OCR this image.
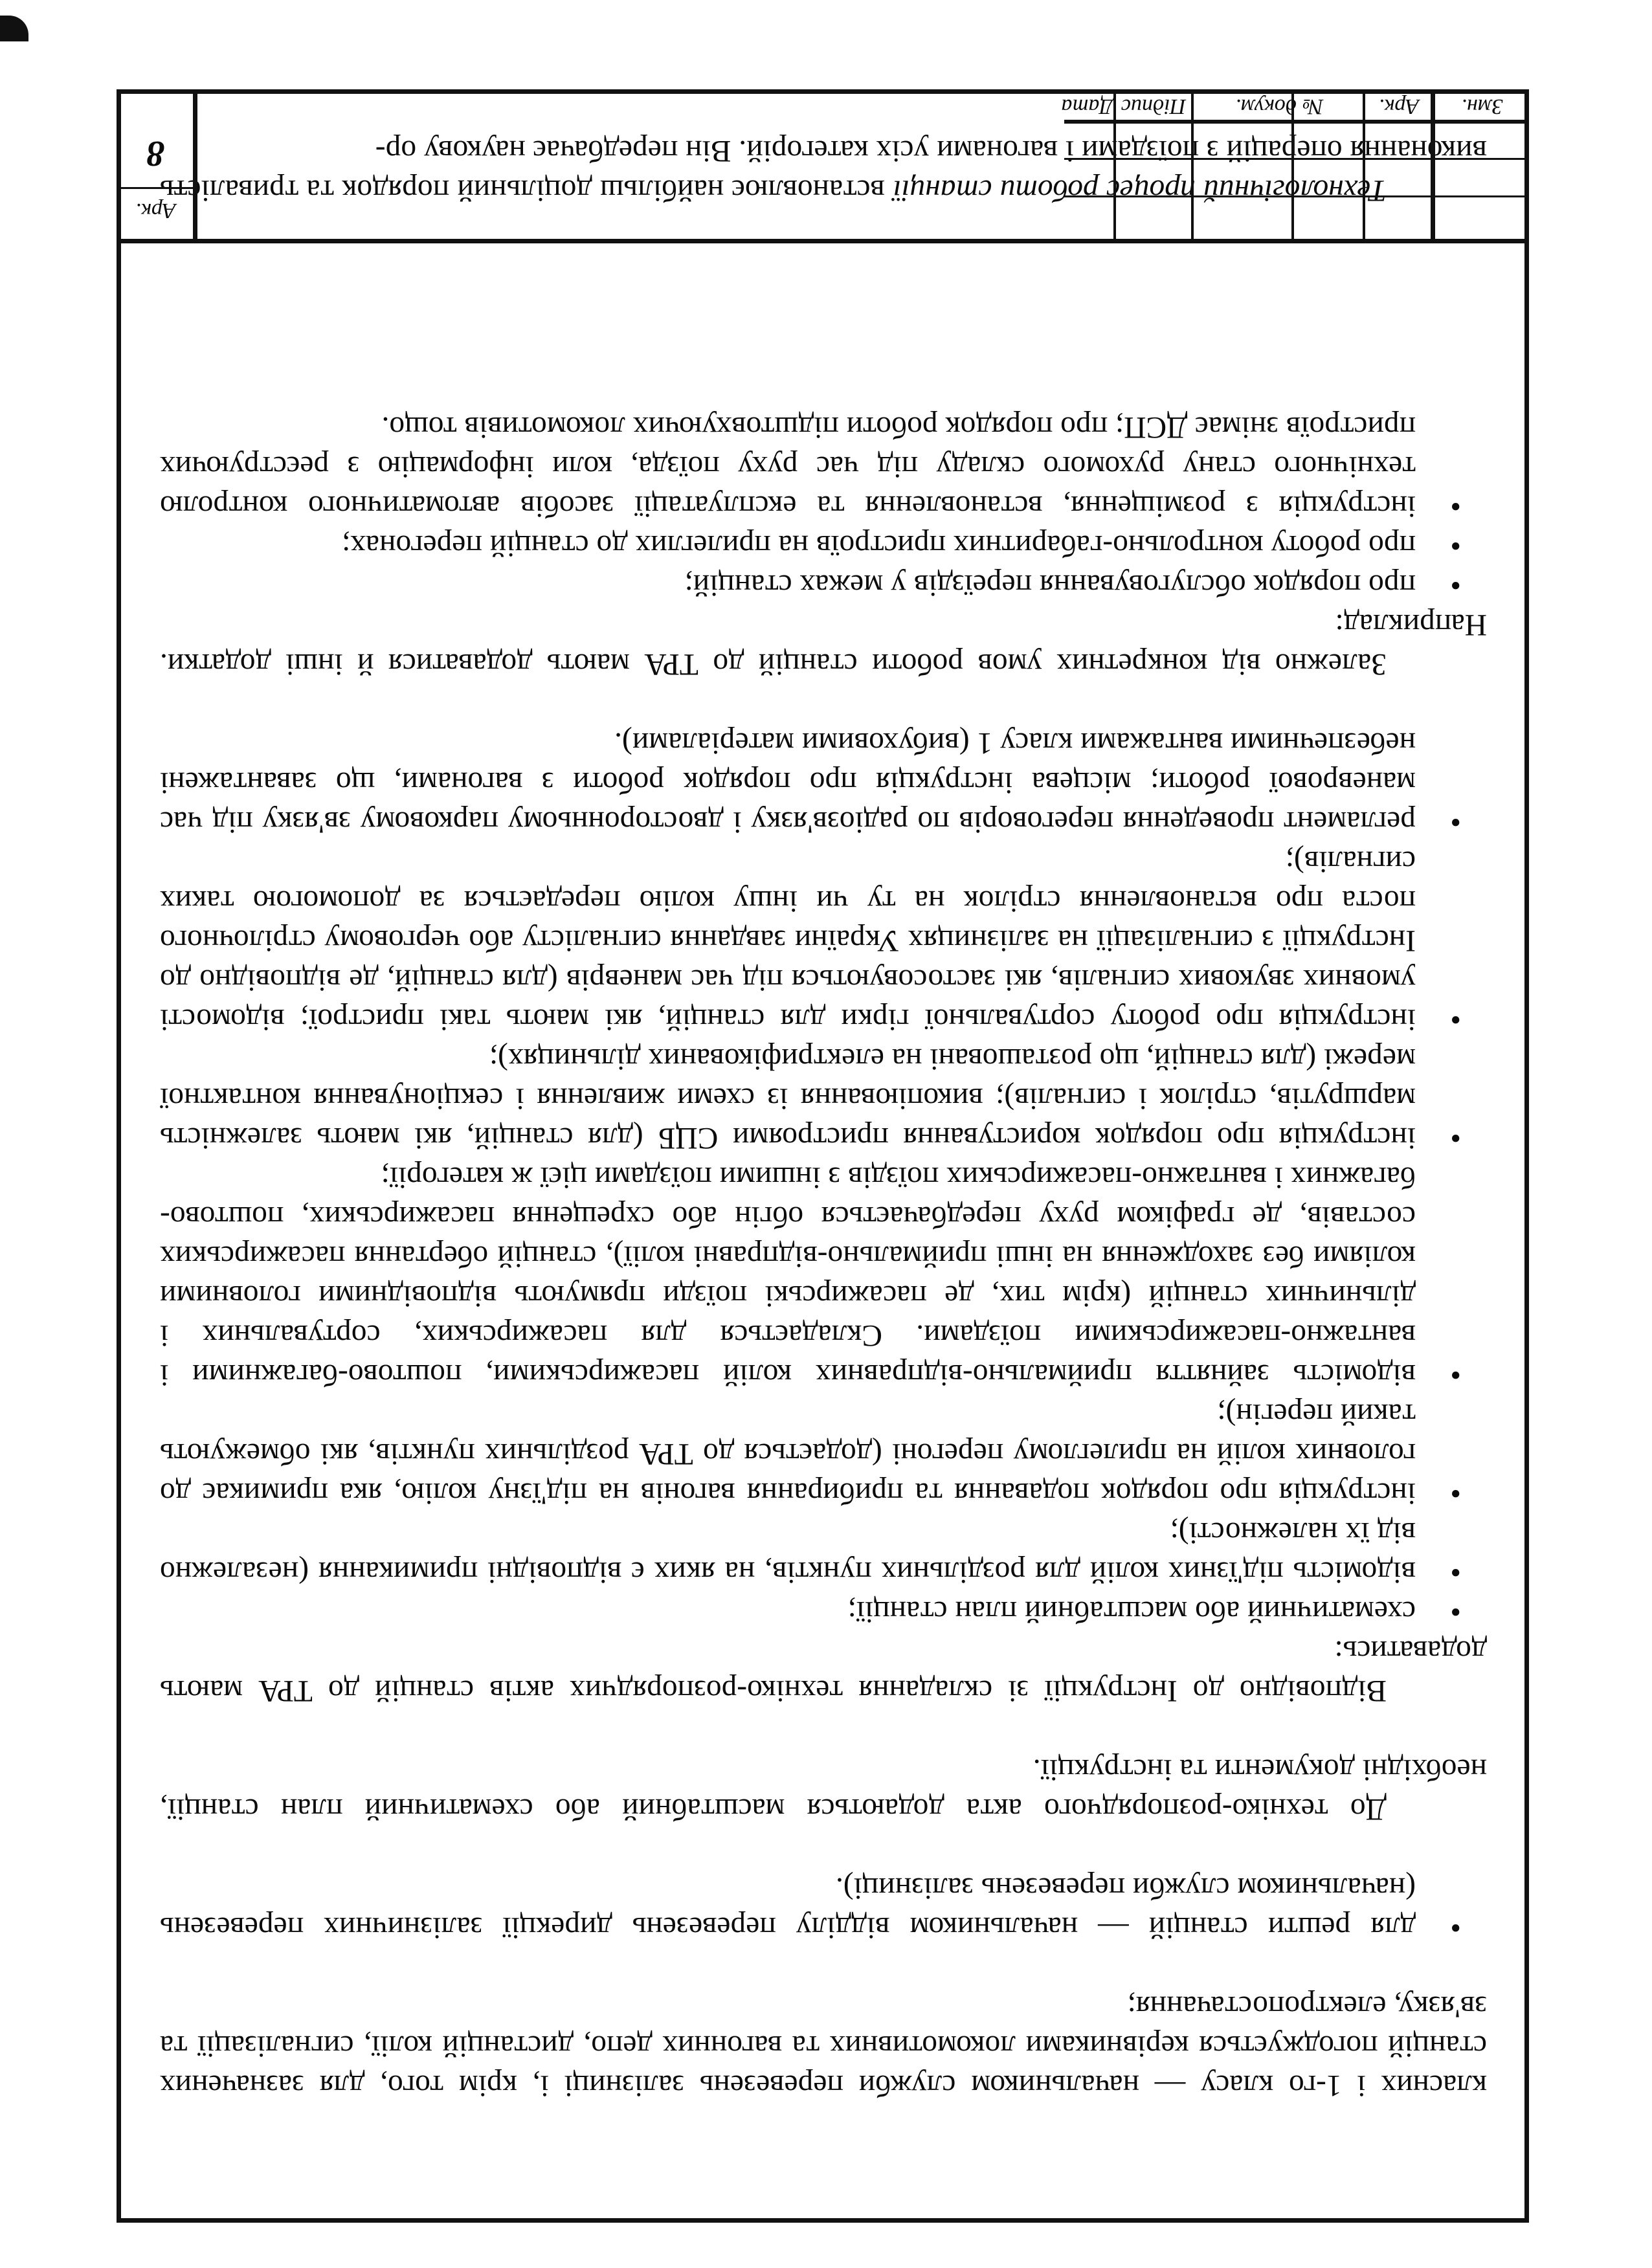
класних і 1-го класу — начальником служби перевезень залізниці і, крім того, для зазначених станцій погоджується керівниками локомотивних та вагонних депо, дистанцій колії, сигналізації та зв'язку, електропостачання;

• для решти станцій — начальником відділу перевезень дирекції залізничних перевезень (начальником служби перевезень залізниці).

До техніко-розпорядчого акта додаються масштабний або схематичний план станції, необхідні документи та інструкції.

Відповідно до Інструкції зі складання техніко-розпорядчих актів станцій до ТРА мають додаватись:

• схематичний або масштабний план станції;
• відомість під'їзних колій для роздільних пунктів, на яких є відповідні примикання (незалежно від їх належності);
• інструкція про порядок подавання та прибирання вагонів на під'їзну колію, яка примикає до головних колій на прилеглому перегоні (додається до ТРА роздільних пунктів, які обмежують такий перегін);
• відомість зайняття приймально-відправних колій пасажирськими, поштово-багажними і вантажно-пасажирськими поїздами. Складається для пасажирських, сортувальних і дільничних станцій (крім тих, де пасажирські поїзди прямують відповідними головними коліями без заходження на інші приймально-відправні колії), станцій обертання пасажирських составів, де графіком руху передбачається обгін або схрещення пасажирських, поштово-багажних і вантажно-пасажирських поїздів з іншими поїздами цієї ж категорії;
• інструкція про порядок користування пристроями СЦБ (для станцій, які мають залежність маршрутів, стрілок і сигналів); викопіювання із схеми живлення і секціонування контактної мережі (для станцій, що розташовані на електрифікованих дільницях);
• інструкція про роботу сортувальної гірки для станцій, які мають такі пристрої; відомості умовних звукових сигналів, які застосовуються під час маневрів (для станцій, де відповідно до Інструкції з сигналізації на залізницях України завдання сигналісту або черговому стрілочного поста про встановлення стрілок на ту чи іншу колію передається за допомогою таких сигналів);
• регламент проведення переговорів по радіозв'язку і двосторонньому парковому зв'язку під час маневрової роботи; місцева інструкція про порядок роботи з вагонами, що завантажені небезпечними вантажами класу 1 (вибуховими матеріалами).

Залежно від конкретних умов роботи станцій до ТРА мають додаватися й інші додатки. Наприклад:

• про порядок обслуговування переїздів у межах станцій;
• про роботу контрольно-габаритних пристроїв на прилеглих до станцій перегонах;
• інструкція з розміщення, встановлення та експлуатації засобів автоматичного контролю технічного стану рухомого складу під час руху поїзда, коли інформацію з реєструючих пристроїв знімає ДСП; про порядок роботи підштовхуючих локомотивів тощо.

Технологічний процес роботи станції встановлює найбільш доцільний порядок та тривалість виконання операцій з поїздами і вагонами усіх категорій. Він передбачає наукову ор-

Змн.
Арк.
№ докум.
Підпис
Дата
Арк.
8
